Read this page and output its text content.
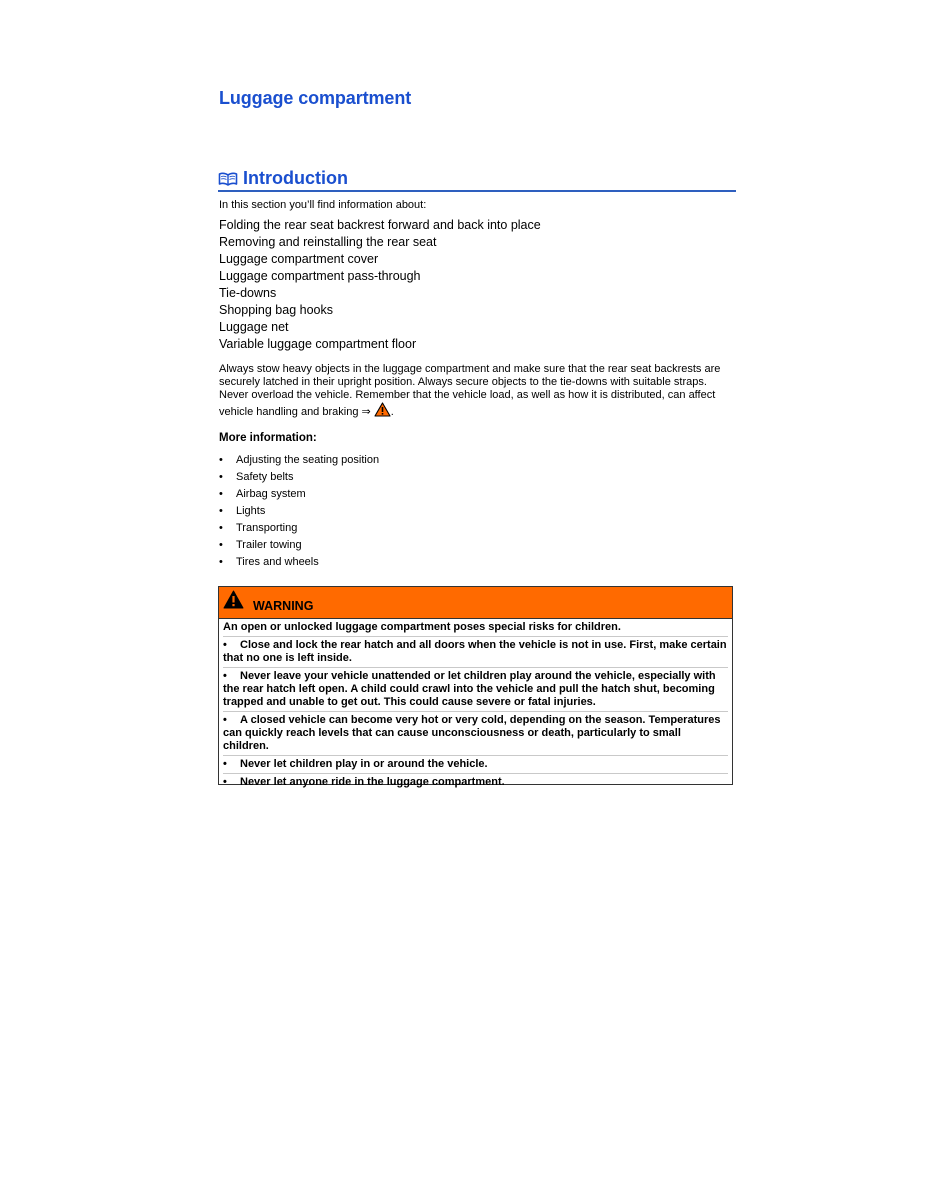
Luggage compartment
Introduction

In this section you’ll find information about:

Folding the rear seat backrest forward and back into place
Removing and reinstalling the rear seat
Luggage compartment cover
Luggage compartment pass-through
Tie-downs
Shopping bag hooks
Luggage net
Variable luggage compartment floor

Always stow heavy objects in the luggage compartment and make sure that the rear seat backrests are securely latched in their upright position. Always secure objects to the tie-downs with suitable straps. Never overload the vehicle. Remember that the vehicle load, as well as how it is distributed, can affect vehicle handling and braking ⇒ .

More information:
• Adjusting the seating position
• Safety belts
• Airbag system
• Lights
• Transporting
• Trailer towing
• Tires and wheels
WARNING

An open or unlocked luggage compartment poses special risks for children.

• Close and lock the rear hatch and all doors when the vehicle is not in use. First, make certain that no one is left inside.

• Never leave your vehicle unattended or let children play around the vehicle, especially with the rear hatch left open. A child could crawl into the vehicle and pull the hatch shut, becoming trapped and unable to get out. This could cause severe or fatal injuries.

• A closed vehicle can become very hot or very cold, depending on the season. Temperatures can quickly reach levels that can cause unconsciousness or death, particularly to small children.

• Never let children play in or around the vehicle.

• Never let anyone ride in the luggage compartment.
